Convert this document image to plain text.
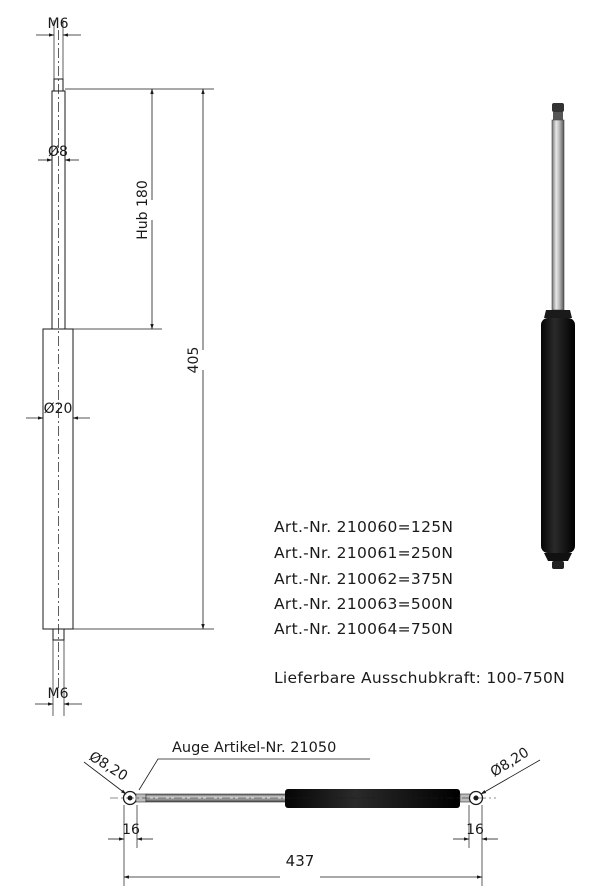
M6
Ø8
Ø20
M6
Hub 180
405
Auge Artikel-Nr. 21050
Ø8,20	Ø8,20
16	16
437
Art.-Nr. 210060=125N
Art.-Nr. 210061=250N
Art.-Nr. 210062=375N
Art.-Nr. 210063=500N
Art.-Nr. 210064=750N
Lieferbare Ausschubkraft: 100-750N
